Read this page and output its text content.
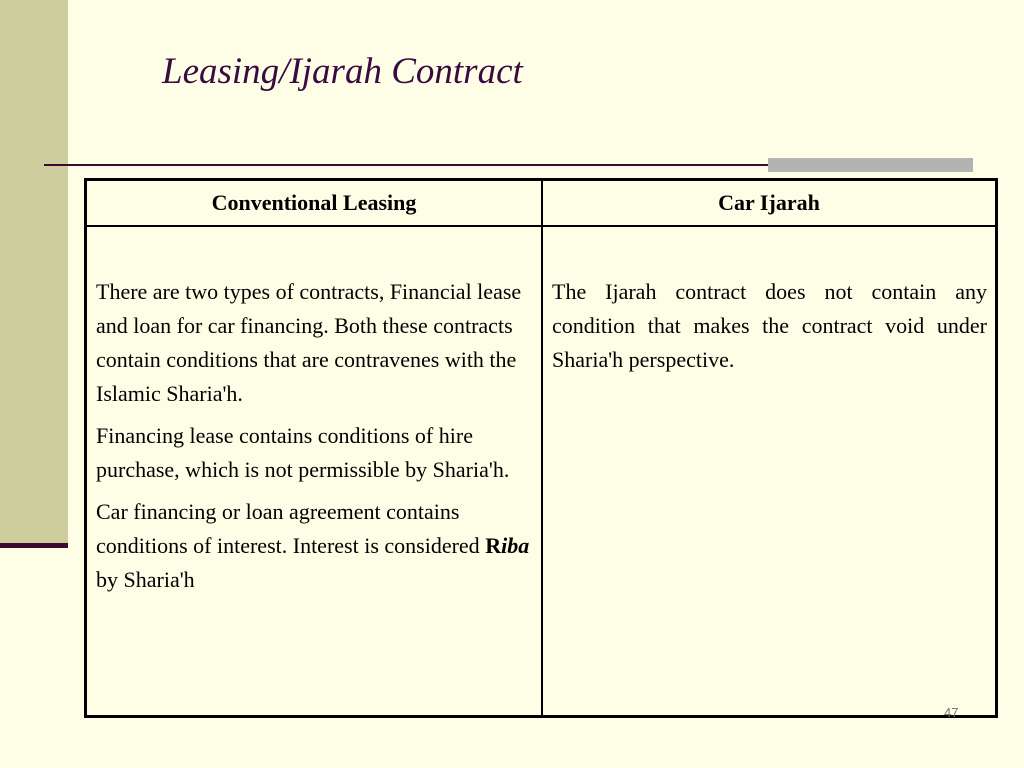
Leasing/Ijarah Contract
Conventional Leasing	Car Ijarah

There are two types of contracts, Financial lease and loan for car financing. Both these contracts contain conditions that are contravenes with the Islamic Sharia'h.

Financing lease contains conditions of hire purchase, which is not permissible by Sharia'h.

Car financing or loan agreement contains conditions of interest. Interest is considered Riba by Sharia'h	The Ijarah contract does not contain any condition that makes the contract void under Sharia'h perspective.

47
